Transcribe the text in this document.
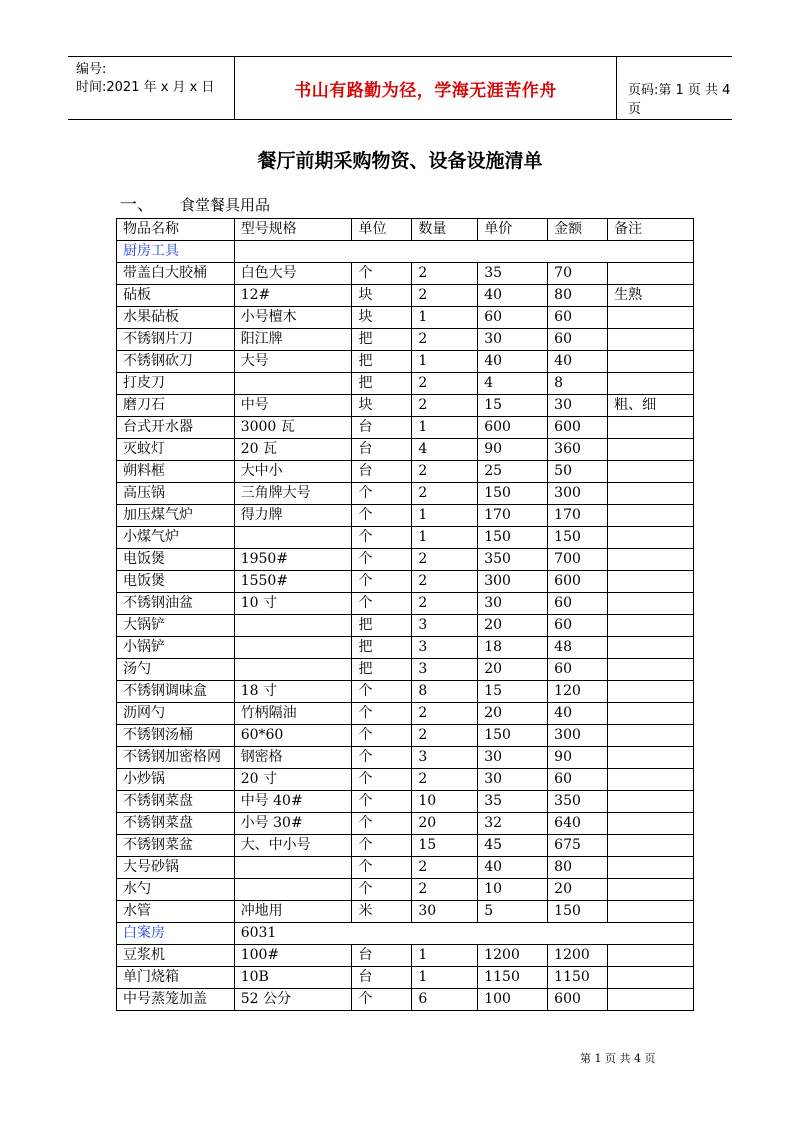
编号:
时间:2021 年 x 月 x 日	书山有路勤为径，学海无涯苦作舟	页码:第 1 页 共 4 页
餐厅前期采购物资、设备设施清单
一、 食堂餐具用品
物品名称	型号规格	单位	数量	单价	金额	备注
厨房工具						
带盖白大胶桶	白色大号	个	2	35	70	
砧板	12#	块	2	40	80	生熟
水果砧板	小号檀木	块	1	60	60	
不锈钢片刀	阳江牌	把	2	30	60	
不锈钢砍刀	大号	把	1	40	40	
打皮刀		把	2	4	8	
磨刀石	中号	块	2	15	30	粗、细
台式开水器	3000 瓦	台	1	600	600	
灭蚊灯	20 瓦	台	4	90	360	
朔料框	大中小	台	2	25	50	
高压锅	三角牌大号	个	2	150	300	
加压煤气炉	得力牌	个	1	170	170	
小煤气炉		个	1	150	150	
电饭煲	1950#	个	2	350	700	
电饭煲	1550#	个	2	300	600	
不锈钢油盆	10 寸	个	2	30	60	
大锅铲		把	3	20	60	
小锅铲		把	3	18	48	
汤勺		把	3	20	60	
不锈钢调味盒	18 寸	个	8	15	120	
沥网勺	竹柄隔油	个	2	20	40	
不锈钢汤桶	60*60	个	2	150	300	
不锈钢加密格网	钢密格	个	3	30	90	
小炒锅	20 寸	个	2	30	60	
不锈钢菜盘	中号 40#	个	10	35	350	
不锈钢菜盘	小号 30#	个	20	32	640	
不锈钢菜盆	大、中小号	个	15	45	675	
大号砂锅		个	2	40	80	
水勺		个	2	10	20	
水管	冲地用	米	30	5	150	
白案房	6031					
豆浆机	100#	台	1	1200	1200	
单门烧箱	10B	台	1	1150	1150	
中号蒸笼加盖	52 公分	个	6	100	600	
第 1 页 共 4 页
